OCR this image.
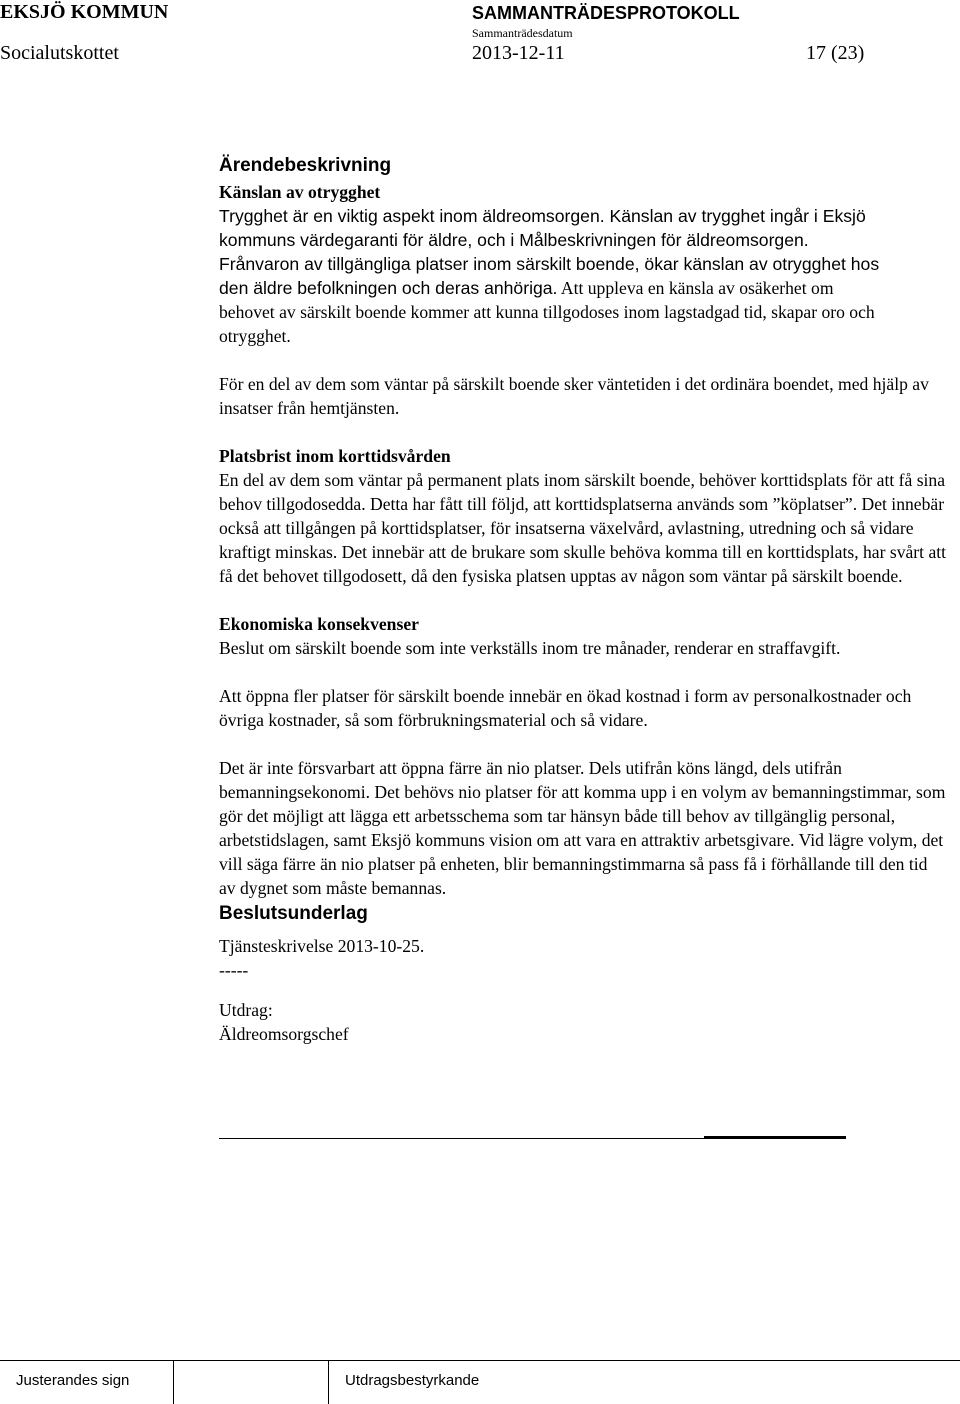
EKSJÖ KOMMUN
Socialutskottet
SAMMANTRÄDESPROTOKOLL
Sammanträdesdatum
2013-12-11	17 (23)

Ärendebeskrivning

Känslan av otrygghet

Trygghet är en viktig aspekt inom äldreomsorgen. Känslan av trygghet ingår i Eksjö

kommuns värdegaranti för äldre, och i Målbeskrivningen för äldreomsorgen.

Frånvaron av tillgängliga platser inom särskilt boende, ökar känslan av otrygghet hos

den äldre befolkningen och deras anhöriga. Att uppleva en känsla av osäkerhet om

behovet av särskilt boende kommer att kunna tillgodoses inom lagstadgad tid, skapar oro och otrygghet.

För en del av dem som väntar på särskilt boende sker väntetiden i det ordinära boendet, med hjälp av insatser från hemtjänsten.

Platsbrist inom korttidsvården

En del av dem som väntar på permanent plats inom särskilt boende, behöver korttidsplats för att få sina behov tillgodosedda. Detta har fått till följd, att korttidsplatserna används som ”köplatser”. Det innebär också att tillgången på korttidsplatser, för insatserna växelvård, avlastning, utredning och så vidare kraftigt minskas. Det innebär att de brukare som skulle behöva komma till en korttidsplats, har svårt att få det behovet tillgodosett, då den fysiska platsen upptas av någon som väntar på särskilt boende.

Ekonomiska konsekvenser

Beslut om särskilt boende som inte verkställs inom tre månader, renderar en straffavgift.

Att öppna fler platser för särskilt boende innebär en ökad kostnad i form av personalkostnader och övriga kostnader, så som förbrukningsmaterial och så vidare.

Det är inte försvarbart att öppna färre än nio platser. Dels utifrån köns längd, dels utifrån bemanningsekonomi. Det behövs nio platser för att komma upp i en volym av bemanningstimmar, som gör det möjligt att lägga ett arbetsschema som tar hänsyn både till behov av tillgänglig personal, arbetstidslagen, samt Eksjö kommuns vision om att vara en attraktiv arbetsgivare. Vid lägre volym, det vill säga färre än nio platser på enheten, blir bemanningstimmarna så pass få i förhållande till den tid av dygnet som måste bemannas.

Beslutsunderlag

Tjänsteskrivelse 2013-10-25.

-----

Utdrag:

Äldreomsorgschef

Justerandes sign	Utdragsbestyrkande
